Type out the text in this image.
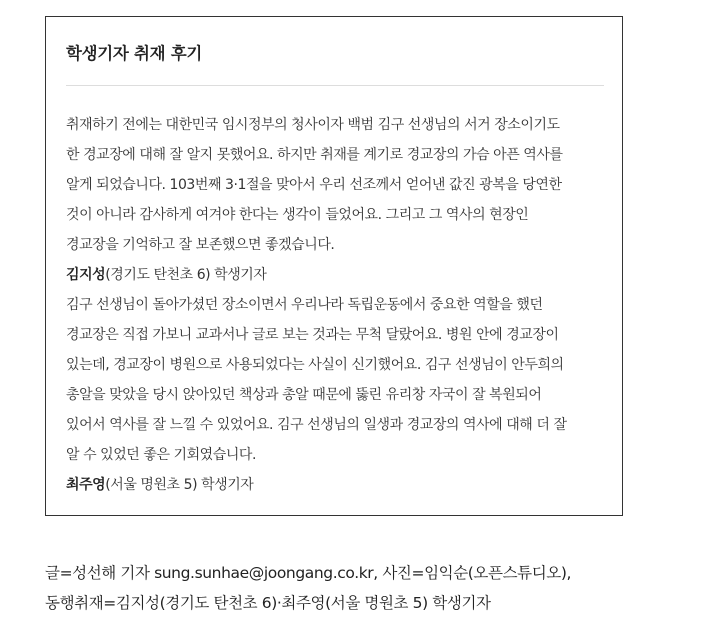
학생기자 취재 후기
취재하기 전에는 대한민국 임시정부의 청사이자 백범 김구 선생님의 서거 장소이기도
한 경교장에 대해 잘 알지 못했어요. 하지만 취재를 계기로 경교장의 가슴 아픈 역사를
알게 되었습니다. 103번째 3·1절을 맞아서 우리 선조께서 얻어낸 값진 광복을 당연한
것이 아니라 감사하게 여겨야 한다는 생각이 들었어요. 그리고 그 역사의 현장인
경교장을 기억하고 잘 보존했으면 좋겠습니다.
김지성(경기도 탄천초 6) 학생기자
김구 선생님이 돌아가셨던 장소이면서 우리나라 독립운동에서 중요한 역할을 했던
경교장은 직접 가보니 교과서나 글로 보는 것과는 무척 달랐어요. 병원 안에 경교장이
있는데, 경교장이 병원으로 사용되었다는 사실이 신기했어요. 김구 선생님이 안두희의
총알을 맞았을 당시 앉아있던 책상과 총알 때문에 뚫린 유리창 자국이 잘 복원되어
있어서 역사를 잘 느낄 수 있었어요. 김구 선생님의 일생과 경교장의 역사에 대해 더 잘
알 수 있었던 좋은 기회였습니다.
최주영(서울 명원초 5) 학생기자
글=성선해 기자 sung.sunhae@joongang.co.kr, 사진=임익순(오픈스튜디오),
동행취재=김지성(경기도 탄천초 6)·최주영(서울 명원초 5) 학생기자
